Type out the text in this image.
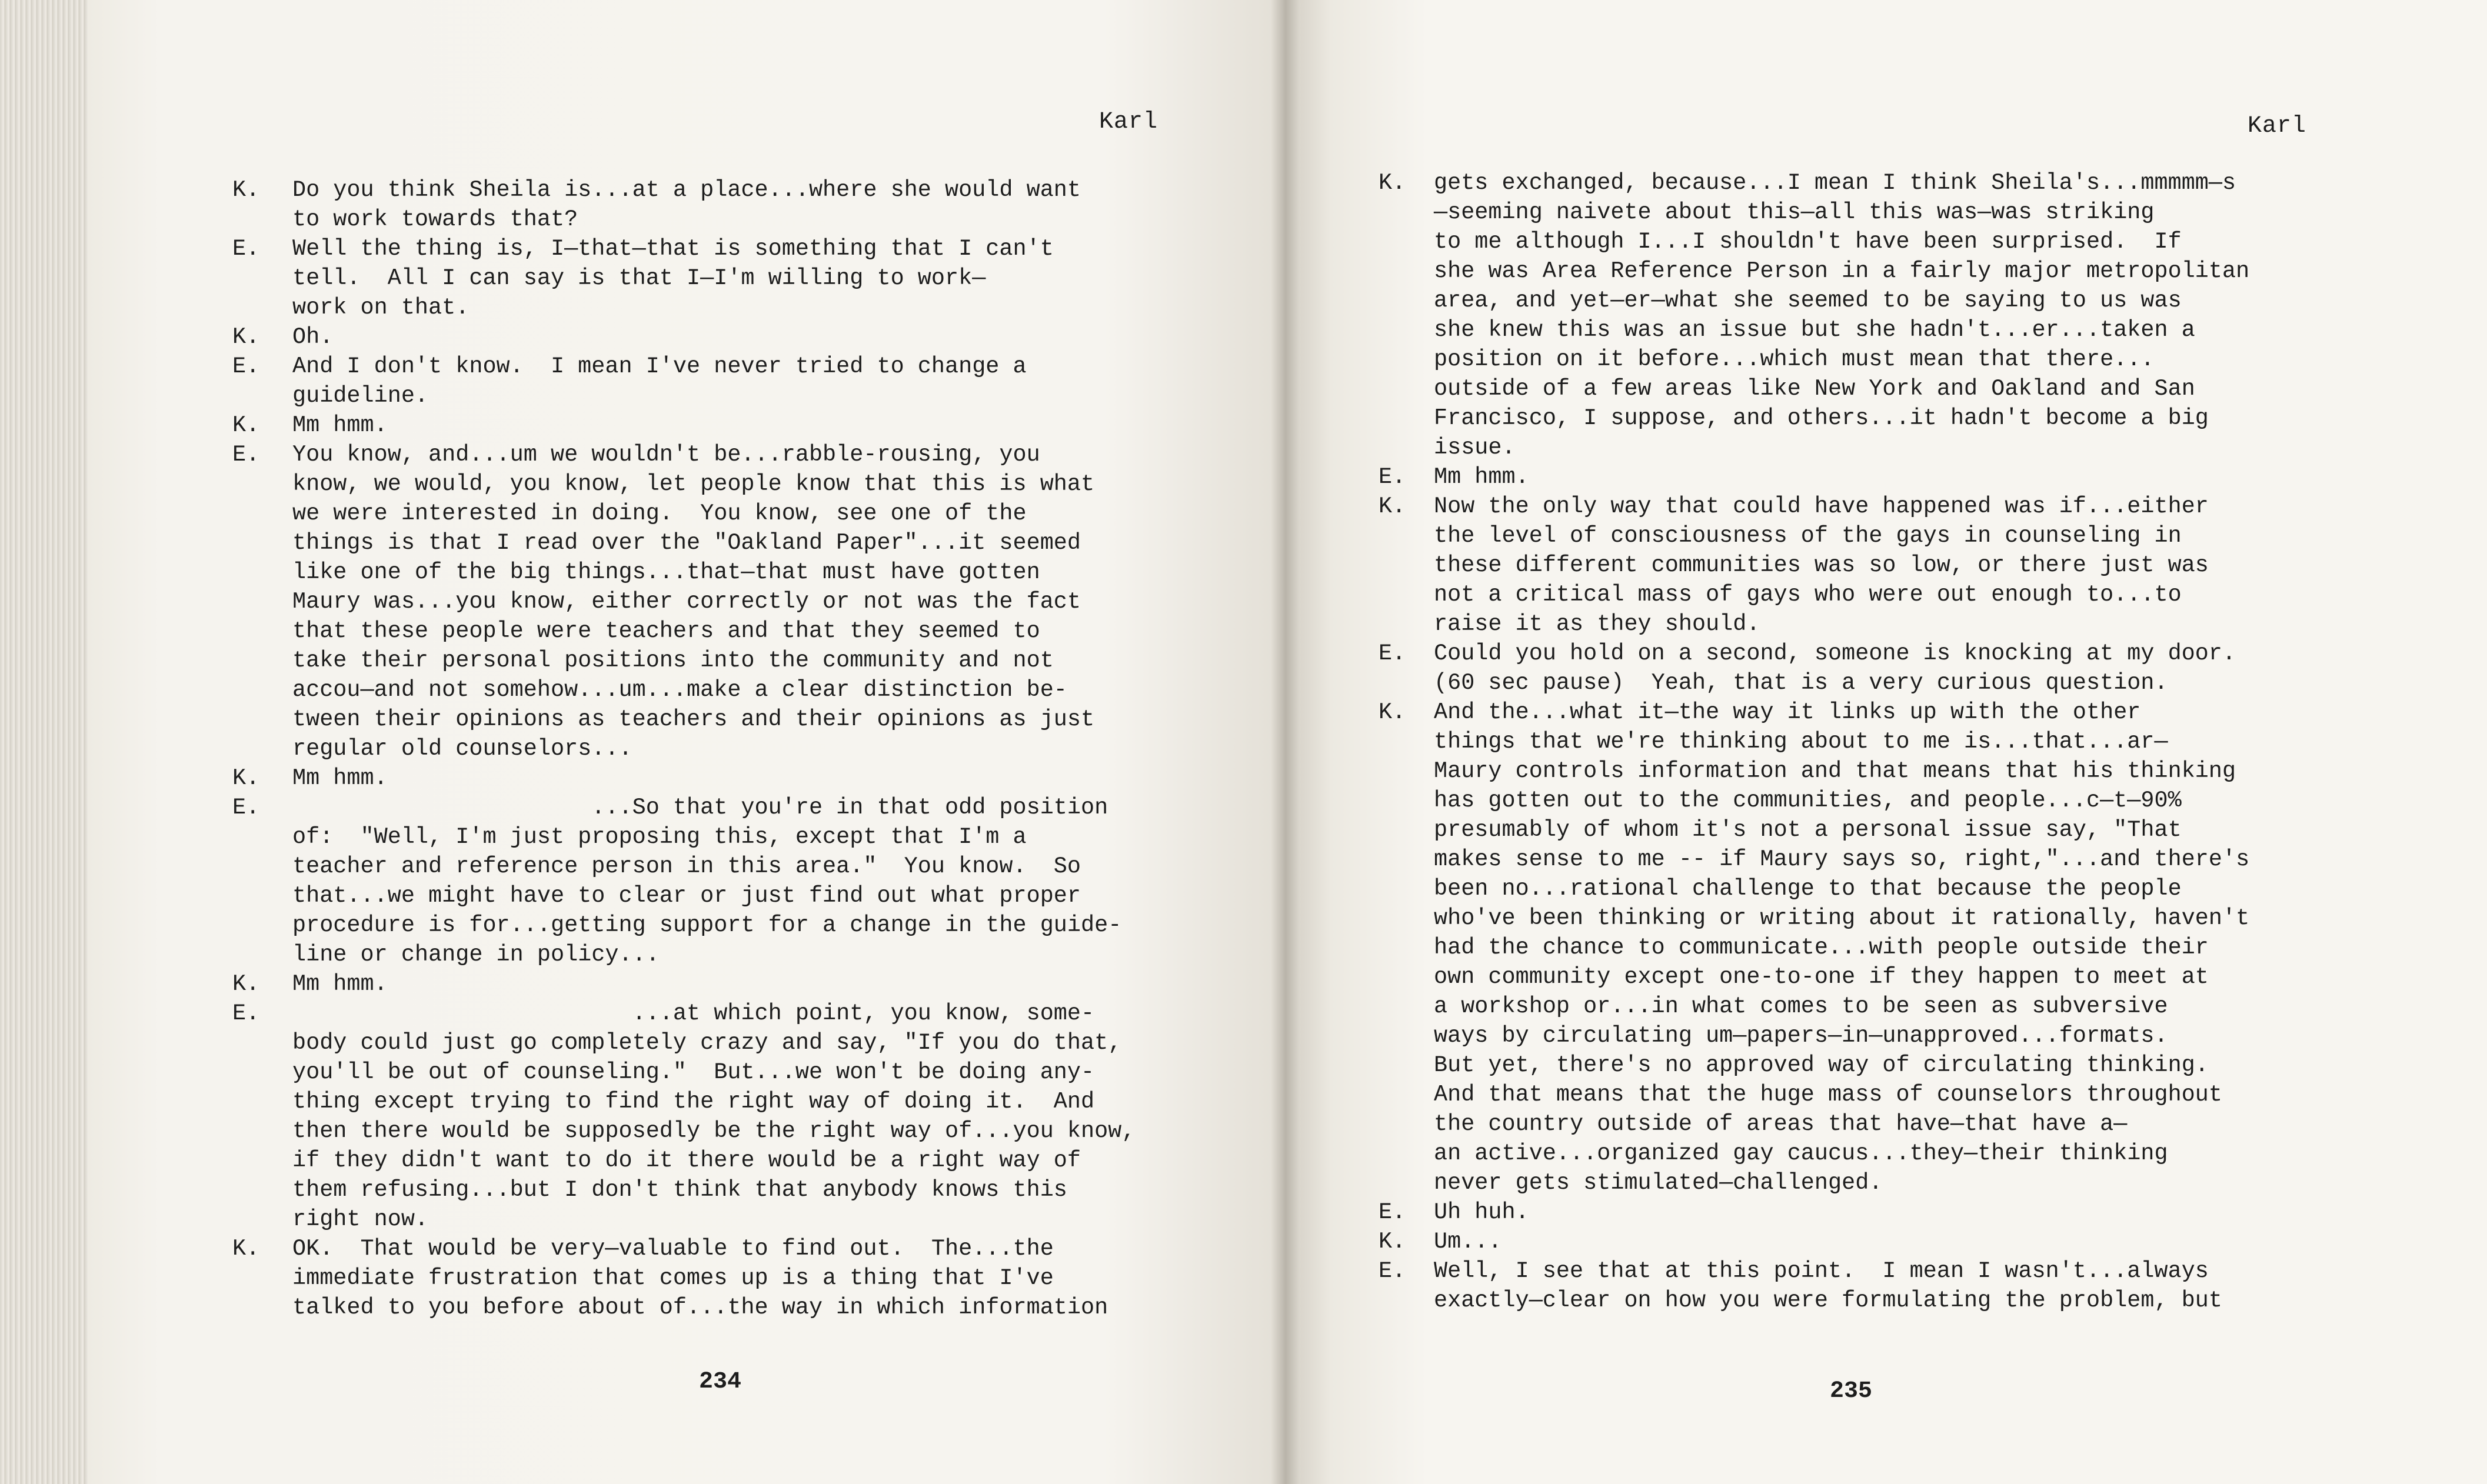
Karl	Karl
K. Do you think Sheila is...at a place...where she would want
to work towards that?
E. Well the thing is, I—that—that is something that I can't
tell.  All I can say is that I—I'm willing to work—
work on that.
K. Oh.
E. And I don't know.  I mean I've never tried to change a
guideline.
K. Mm hmm.
E. You know, and...um we wouldn't be...rabble-rousing, you
know, we would, you know, let people know that this is what
we were interested in doing.  You know, see one of the
things is that I read over the "Oakland Paper"...it seemed
like one of the big things...that—that must have gotten
Maury was...you know, either correctly or not was the fact
that these people were teachers and that they seemed to
take their personal positions into the community and not
accou—and not somehow...um...make a clear distinction be-
tween their opinions as teachers and their opinions as just
regular old counselors...
K. Mm hmm.
E. ...So that you're in that odd position
of:  "Well, I'm just proposing this, except that I'm a
teacher and reference person in this area."  You know.  So
that...we might have to clear or just find out what proper
procedure is for...getting support for a change in the guide-
line or change in policy...
K. Mm hmm.
E. ...at which point, you know, some-
body could just go completely crazy and say, "If you do that,
you'll be out of counseling."  But...we won't be doing any-
thing except trying to find the right way of doing it.  And
then there would be supposedly be the right way of...you know,
if they didn't want to do it there would be a right way of
them refusing...but I don't think that anybody knows this
right now.
K. OK.  That would be very—valuable to find out.  The...the
immediate frustration that comes up is a thing that I've
talked to you before about of...the way in which information
K. gets exchanged, because...I mean I think Sheila's...mmmmm—s
—seeming naivete about this—all this was—was striking
to me although I...I shouldn't have been surprised.  If
she was Area Reference Person in a fairly major metropolitan
area, and yet—er—what she seemed to be saying to us was
she knew this was an issue but she hadn't...er...taken a
position on it before...which must mean that there...
outside of a few areas like New York and Oakland and San
Francisco, I suppose, and others...it hadn't become a big
issue.
E. Mm hmm.
K. Now the only way that could have happened was if...either
the level of consciousness of the gays in counseling in
these different communities was so low, or there just was
not a critical mass of gays who were out enough to...to
raise it as they should.
E. Could you hold on a second, someone is knocking at my door.
(60 sec pause)  Yeah, that is a very curious question.
K. And the...what it—the way it links up with the other
things that we're thinking about to me is...that...ar—
Maury controls information and that means that his thinking
has gotten out to the communities, and people...c—t—90%
presumably of whom it's not a personal issue say, "That
makes sense to me -- if Maury says so, right,"...and there's
been no...rational challenge to that because the people
who've been thinking or writing about it rationally, haven't
had the chance to communicate...with people outside their
own community except one-to-one if they happen to meet at
a workshop or...in what comes to be seen as subversive
ways by circulating um—papers—in—unapproved...formats.
But yet, there's no approved way of circulating thinking.
And that means that the huge mass of counselors throughout
the country outside of areas that have—that have a—
an active...organized gay caucus...they—their thinking
never gets stimulated—challenged.
E. Uh huh.
K. Um...
E. Well, I see that at this point.  I mean I wasn't...always
exactly—clear on how you were formulating the problem, but
234	235
